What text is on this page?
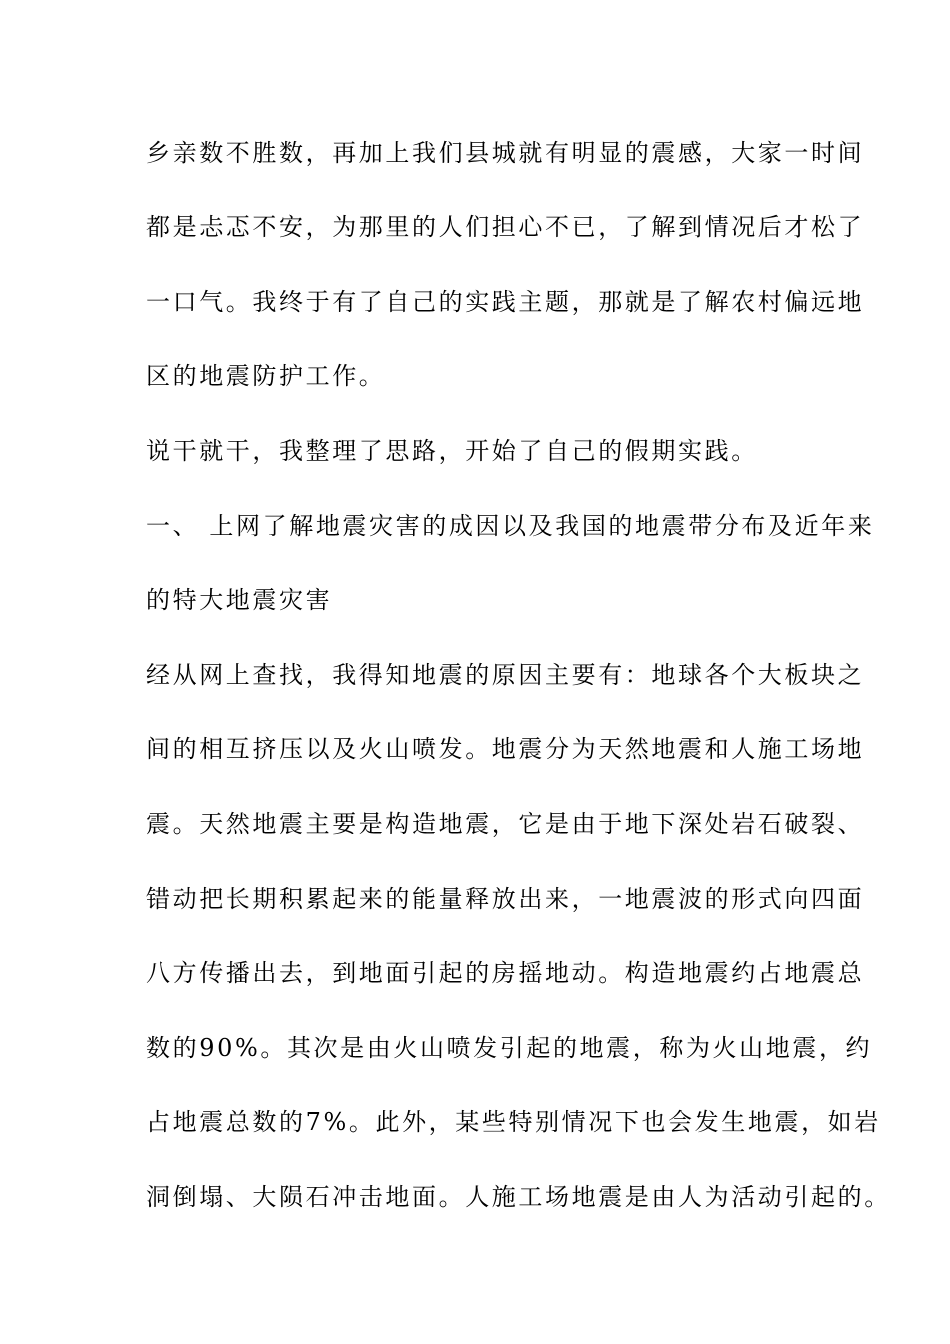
乡亲数不胜数，再加上我们县城就有明显的震感，大家一时间

都是忐忑不安，为那里的人们担心不已，了解到情况后才松了

一口气。我终于有了自己的实践主题，那就是了解农村偏远地

区的地震防护工作。

说干就干，我整理了思路，开始了自己的假期实践。

一、 上网了解地震灾害的成因以及我国的地震带分布及近年来

的特大地震灾害

经从网上查找，我得知地震的原因主要有：地球各个大板块之

间的相互挤压以及火山喷发。地震分为天然地震和人施工场地

震。天然地震主要是构造地震，它是由于地下深处岩石破裂、

错动把长期积累起来的能量释放出来，一地震波的形式向四面

八方传播出去，到地面引起的房摇地动。构造地震约占地震总

数的90%。其次是由火山喷发引起的地震，称为火山地震，约

占地震总数的7%。此外，某些特别情况下也会发生地震，如岩

洞倒塌、大陨石冲击地面。人施工场地震是由人为活动引起的。
